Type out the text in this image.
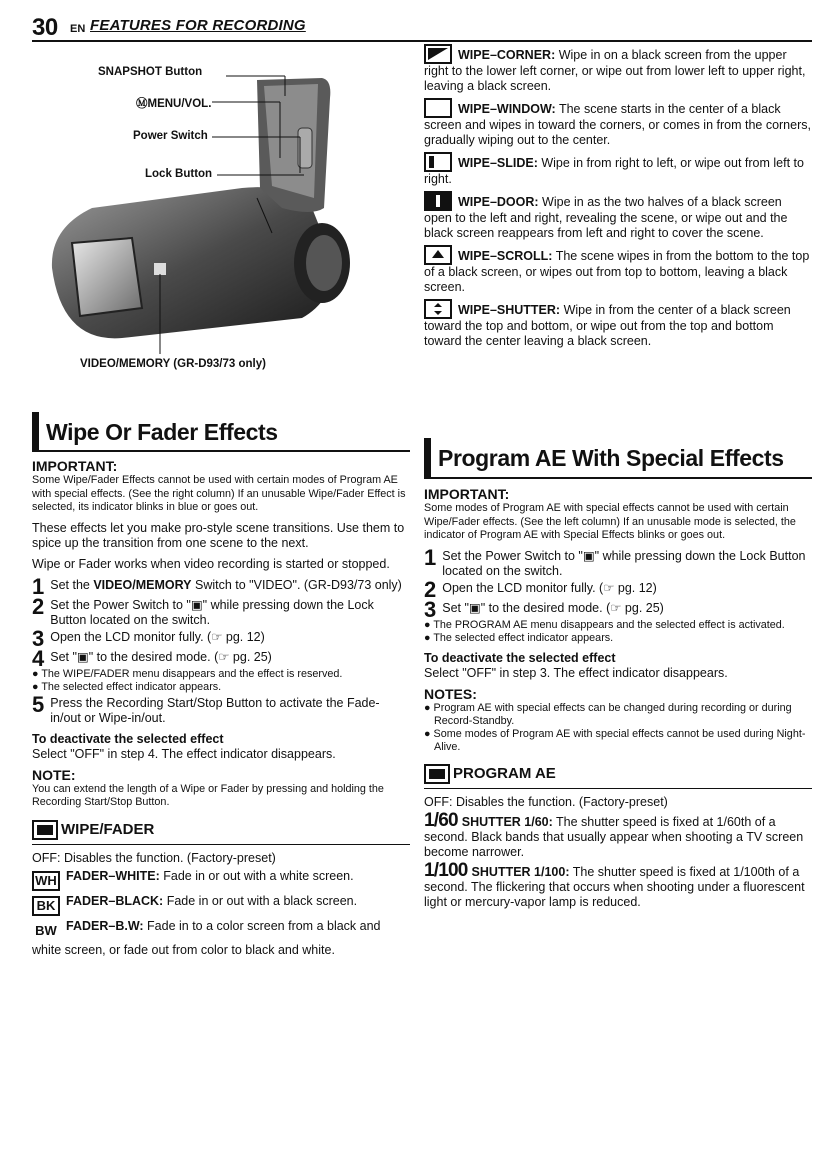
30 EN FEATURES FOR RECORDING
SNAPSHOT Button
ⓂMENU/VOL.
Power Switch
Lock Button
VIDEO/MEMORY (GR-D93/73 only)
Wipe Or Fader Effects
IMPORTANT:
Some Wipe/Fader Effects cannot be used with certain modes of Program AE with special effects. (See the right column) If an unusable Wipe/Fader Effect is selected, its indicator blinks in blue or goes out.
These effects let you make pro-style scene transitions. Use them to spice up the transition from one scene to the next.
Wipe or Fader works when video recording is started or stopped.
1 Set the VIDEO/MEMORY Switch to "VIDEO". (GR-D93/73 only)
2 Set the Power Switch to "▣" while pressing down the Lock Button located on the switch.
3 Open the LCD monitor fully. (☞ pg. 12)
4 Set "▣" to the desired mode. (☞ pg. 25)
● The WIPE/FADER menu disappears and the effect is reserved.
● The selected effect indicator appears.
5 Press the Recording Start/Stop Button to activate the Fade-in/out or Wipe-in/out.
To deactivate the selected effect
Select "OFF" in step 4. The effect indicator disappears.
NOTE:
You can extend the length of a Wipe or Fader by pressing and holding the Recording Start/Stop Button.
WIPE/FADER
OFF: Disables the function. (Factory-preset)
WH FADER–WHITE: Fade in or out with a white screen.
BK FADER–BLACK: Fade in or out with a black screen.
BW FADER–B.W: Fade in to a color screen from a black and white screen, or fade out from color to black and white.
WIPE–CORNER: Wipe in on a black screen from the upper right to the lower left corner, or wipe out from lower left to upper right, leaving a black screen.
WIPE–WINDOW: The scene starts in the center of a black screen and wipes in toward the corners, or comes in from the corners, gradually wiping out to the center.
WIPE–SLIDE: Wipe in from right to left, or wipe out from left to right.
WIPE–DOOR: Wipe in as the two halves of a black screen open to the left and right, revealing the scene, or wipe out and the black screen reappears from left and right to cover the scene.
WIPE–SCROLL: The scene wipes in from the bottom to the top of a black screen, or wipes out from top to bottom, leaving a black screen.
WIPE–SHUTTER: Wipe in from the center of a black screen toward the top and bottom, or wipe out from the top and bottom toward the center leaving a black screen.
Program AE With Special Effects
IMPORTANT:
Some modes of Program AE with special effects cannot be used with certain Wipe/Fader effects. (See the left column) If an unusable mode is selected, the indicator of Program AE with Special Effects blinks or goes out.
1 Set the Power Switch to "▣" while pressing down the Lock Button located on the switch.
2 Open the LCD monitor fully. (☞ pg. 12)
3 Set "▣" to the desired mode. (☞ pg. 25)
● The PROGRAM AE menu disappears and the selected effect is activated.
● The selected effect indicator appears.
To deactivate the selected effect
Select "OFF" in step 3. The effect indicator disappears.
NOTES:
● Program AE with special effects can be changed during recording or during Record-Standby.
● Some modes of Program AE with special effects cannot be used during Night-Alive.
PROGRAM AE
OFF: Disables the function. (Factory-preset)
1/60 SHUTTER 1/60: The shutter speed is fixed at 1/60th of a second. Black bands that usually appear when shooting a TV screen become narrower.
1/100 SHUTTER 1/100: The shutter speed is fixed at 1/100th of a second. The flickering that occurs when shooting under a fluorescent light or mercury-vapor lamp is reduced.
